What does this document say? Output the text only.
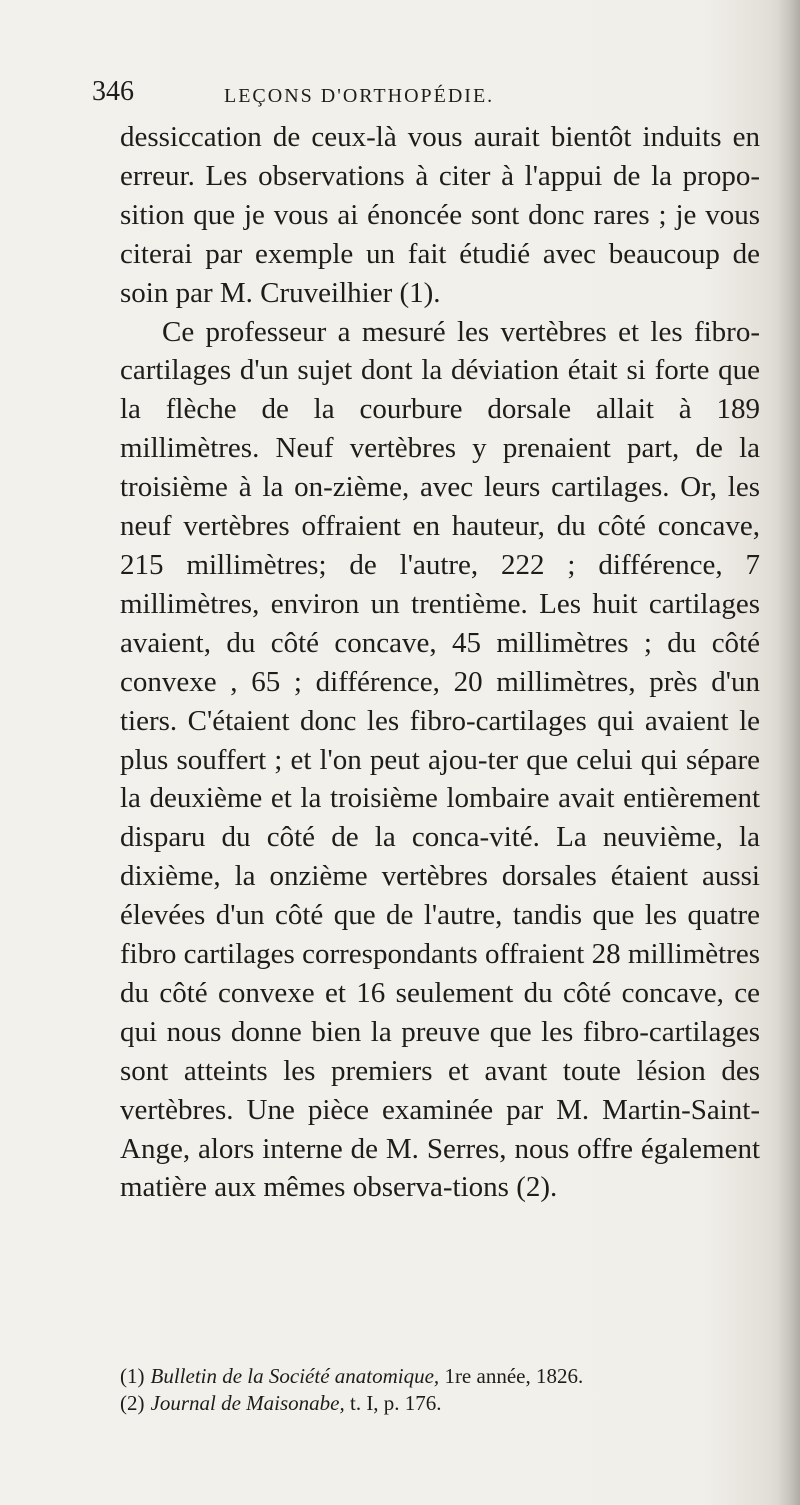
346	LEÇONS D'ORTHOPÉDIE.

dessiccation de ceux-là vous aurait bientôt induits en erreur. Les observations à citer à l'appui de la propo-sition que je vous ai énoncée sont donc rares ; je vous citerai par exemple un fait étudié avec beaucoup de soin par M. Cruveilhier (1).

Ce professeur a mesuré les vertèbres et les fibro-cartilages d'un sujet dont la déviation était si forte que la flèche de la courbure dorsale allait à 189 millimètres. Neuf vertèbres y prenaient part, de la troisième à la on-zième, avec leurs cartilages. Or, les neuf vertèbres offraient en hauteur, du côté concave, 215 millimètres; de l'autre, 222 ; différence, 7 millimètres, environ un trentième. Les huit cartilages avaient, du côté concave, 45 millimètres ; du côté convexe , 65 ; différence, 20 millimètres, près d'un tiers. C'étaient donc les fibro-cartilages qui avaient le plus souffert ; et l'on peut ajou-ter que celui qui sépare la deuxième et la troisième lombaire avait entièrement disparu du côté de la conca-vité. La neuvième, la dixième, la onzième vertèbres dorsales étaient aussi élevées d'un côté que de l'autre, tandis que les quatre fibro cartilages correspondants offraient 28 millimètres du côté convexe et 16 seulement du côté concave, ce qui nous donne bien la preuve que les fibro-cartilages sont atteints les premiers et avant toute lésion des vertèbres. Une pièce examinée par M. Martin-Saint-Ange, alors interne de M. Serres, nous offre également matière aux mêmes observa-tions (2).

(1) Bulletin de la Société anatomique, 1re année, 1826.
(2) Journal de Maisonabe, t. I, p. 176.
